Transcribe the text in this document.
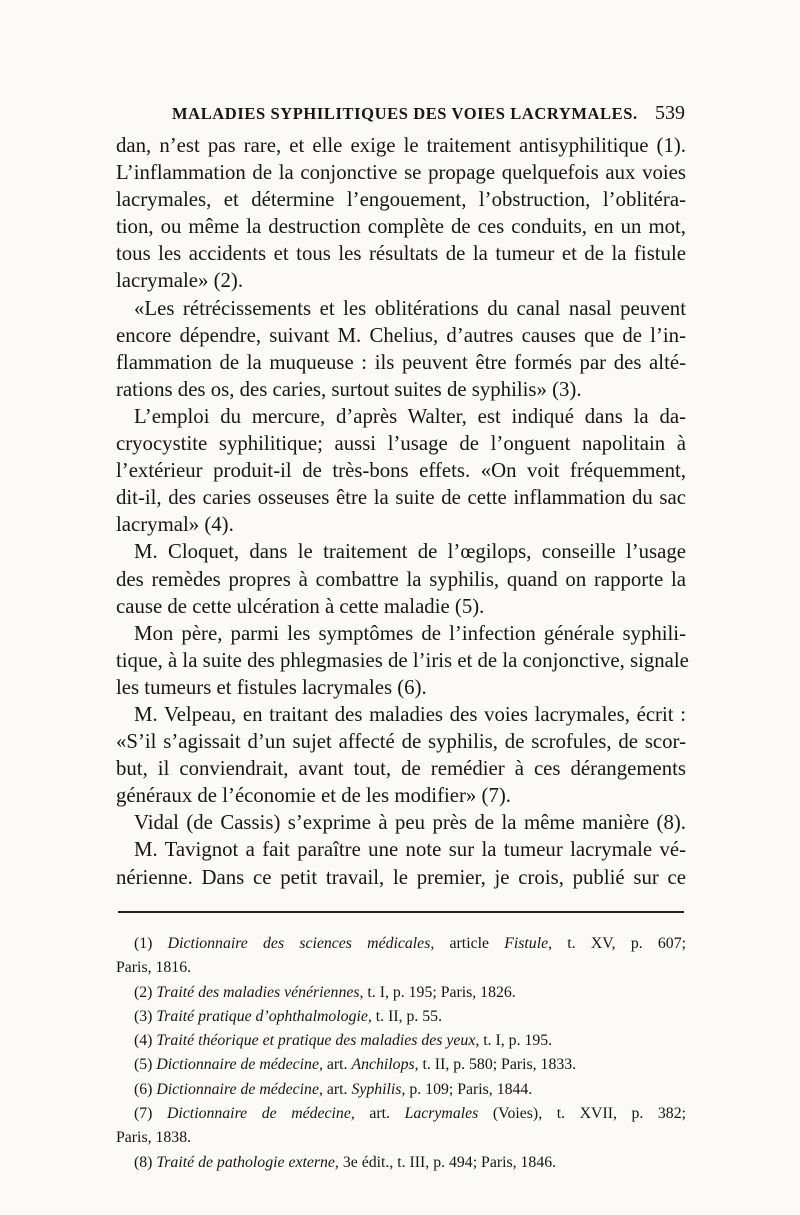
MALADIES SYPHILITIQUES DES VOIES LACRYMALES. 539
dan, n’est pas rare, et elle exige le traitement antisyphilitique (1).
L’inflammation de la conjonctive se propage quelquefois aux voies
lacrymales, et détermine l’engouement, l’obstruction, l’oblitéra-
tion, ou même la destruction complète de ces conduits, en un mot,
tous les accidents et tous les résultats de la tumeur et de la fistule
lacrymale» (2).
«Les rétrécissements et les oblitérations du canal nasal peuvent
encore dépendre, suivant M. Chelius, d’autres causes que de l’in-
flammation de la muqueuse : ils peuvent être formés par des alté-
rations des os, des caries, surtout suites de syphilis» (3).
L’emploi du mercure, d’après Walter, est indiqué dans la da-
cryocystite syphilitique; aussi l’usage de l’onguent napolitain à
l’extérieur produit-il de très-bons effets. «On voit fréquemment,
dit-il, des caries osseuses être la suite de cette inflammation du sac
lacrymal» (4).
M. Cloquet, dans le traitement de l’œgilops, conseille l’usage
des remèdes propres à combattre la syphilis, quand on rapporte la
cause de cette ulcération à cette maladie (5).
Mon père, parmi les symptômes de l’infection générale syphili-
tique, à la suite des phlegmasies de l’iris et de la conjonctive, signale
les tumeurs et fistules lacrymales (6).
M. Velpeau, en traitant des maladies des voies lacrymales, écrit :
«S’il s’agissait d’un sujet affecté de syphilis, de scrofules, de scor-
but, il conviendrait, avant tout, de remédier à ces dérangements
généraux de l’économie et de les modifier» (7).
Vidal (de Cassis) s’exprime à peu près de la même manière (8).
M. Tavignot a fait paraître une note sur la tumeur lacrymale vé-
nérienne. Dans ce petit travail, le premier, je crois, publié sur ce
(1) Dictionnaire des sciences médicales, article Fistule, t. XV, p. 607;
Paris, 1816.
(2) Traité des maladies vénériennes, t. I, p. 195; Paris, 1826.
(3) Traité pratique d’ophthalmologie, t. II, p. 55.
(4) Traité théorique et pratique des maladies des yeux, t. I, p. 195.
(5) Dictionnaire de médecine, art. Anchilops, t. II, p. 580; Paris, 1833.
(6) Dictionnaire de médecine, art. Syphilis, p. 109; Paris, 1844.
(7) Dictionnaire de médecine, art. Lacrymales (Voies), t. XVII, p. 382;
Paris, 1838.
(8) Traité de pathologie externe, 3e édit., t. III, p. 494; Paris, 1846.
